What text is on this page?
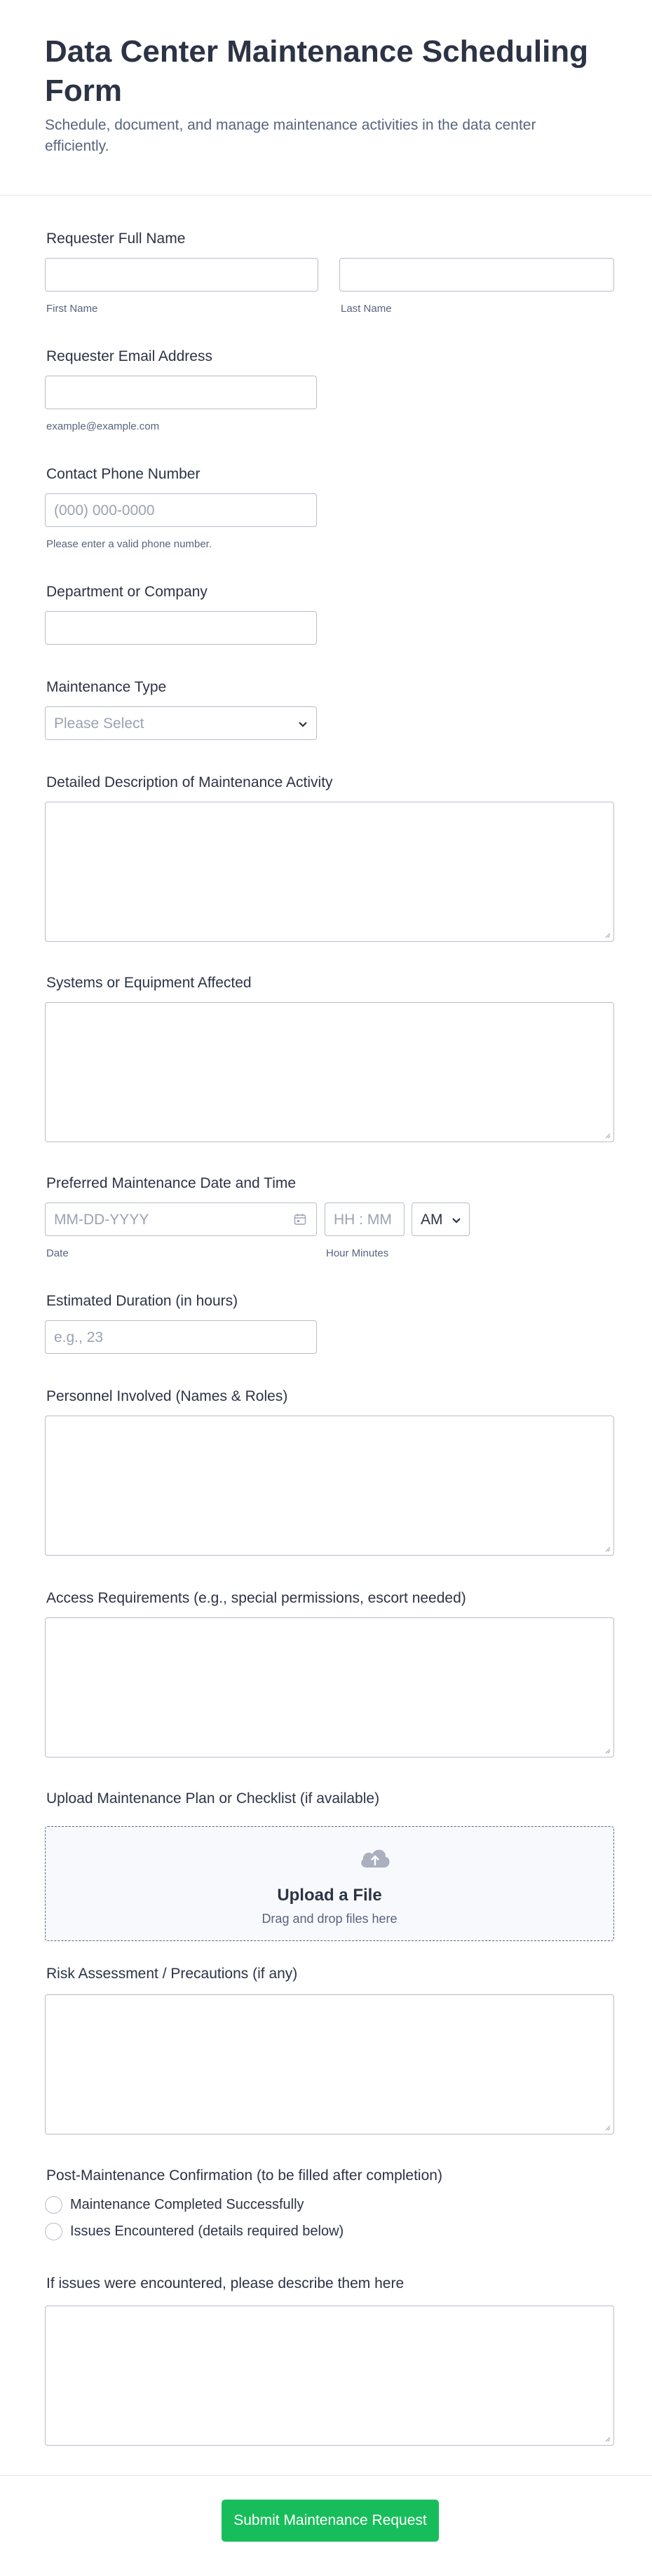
Data Center Maintenance Scheduling Form

Schedule, document, and manage maintenance activities in the data center efficiently.

Requester Full Name
First Name	Last Name
Requester Email Address
example@example.com
Contact Phone Number
(000) 000-0000
Please enter a valid phone number.
Department or Company
Maintenance Type
Please Select
Detailed Description of Maintenance Activity
Systems or Equipment Affected
Preferred Maintenance Date and Time
MM-DD-YYYY	HH : MM AM
Date	Hour Minutes
Estimated Duration (in hours)
e.g., 23
Personnel Involved (Names & Roles)
Access Requirements (e.g., special permissions, escort needed)
Upload Maintenance Plan or Checklist (if available)
Upload a File
Drag and drop files here
Risk Assessment / Precautions (if any)
Post-Maintenance Confirmation (to be filled after completion)
Maintenance Completed Successfully
Issues Encountered (details required below)
If issues were encountered, please describe them here
Submit Maintenance Request
